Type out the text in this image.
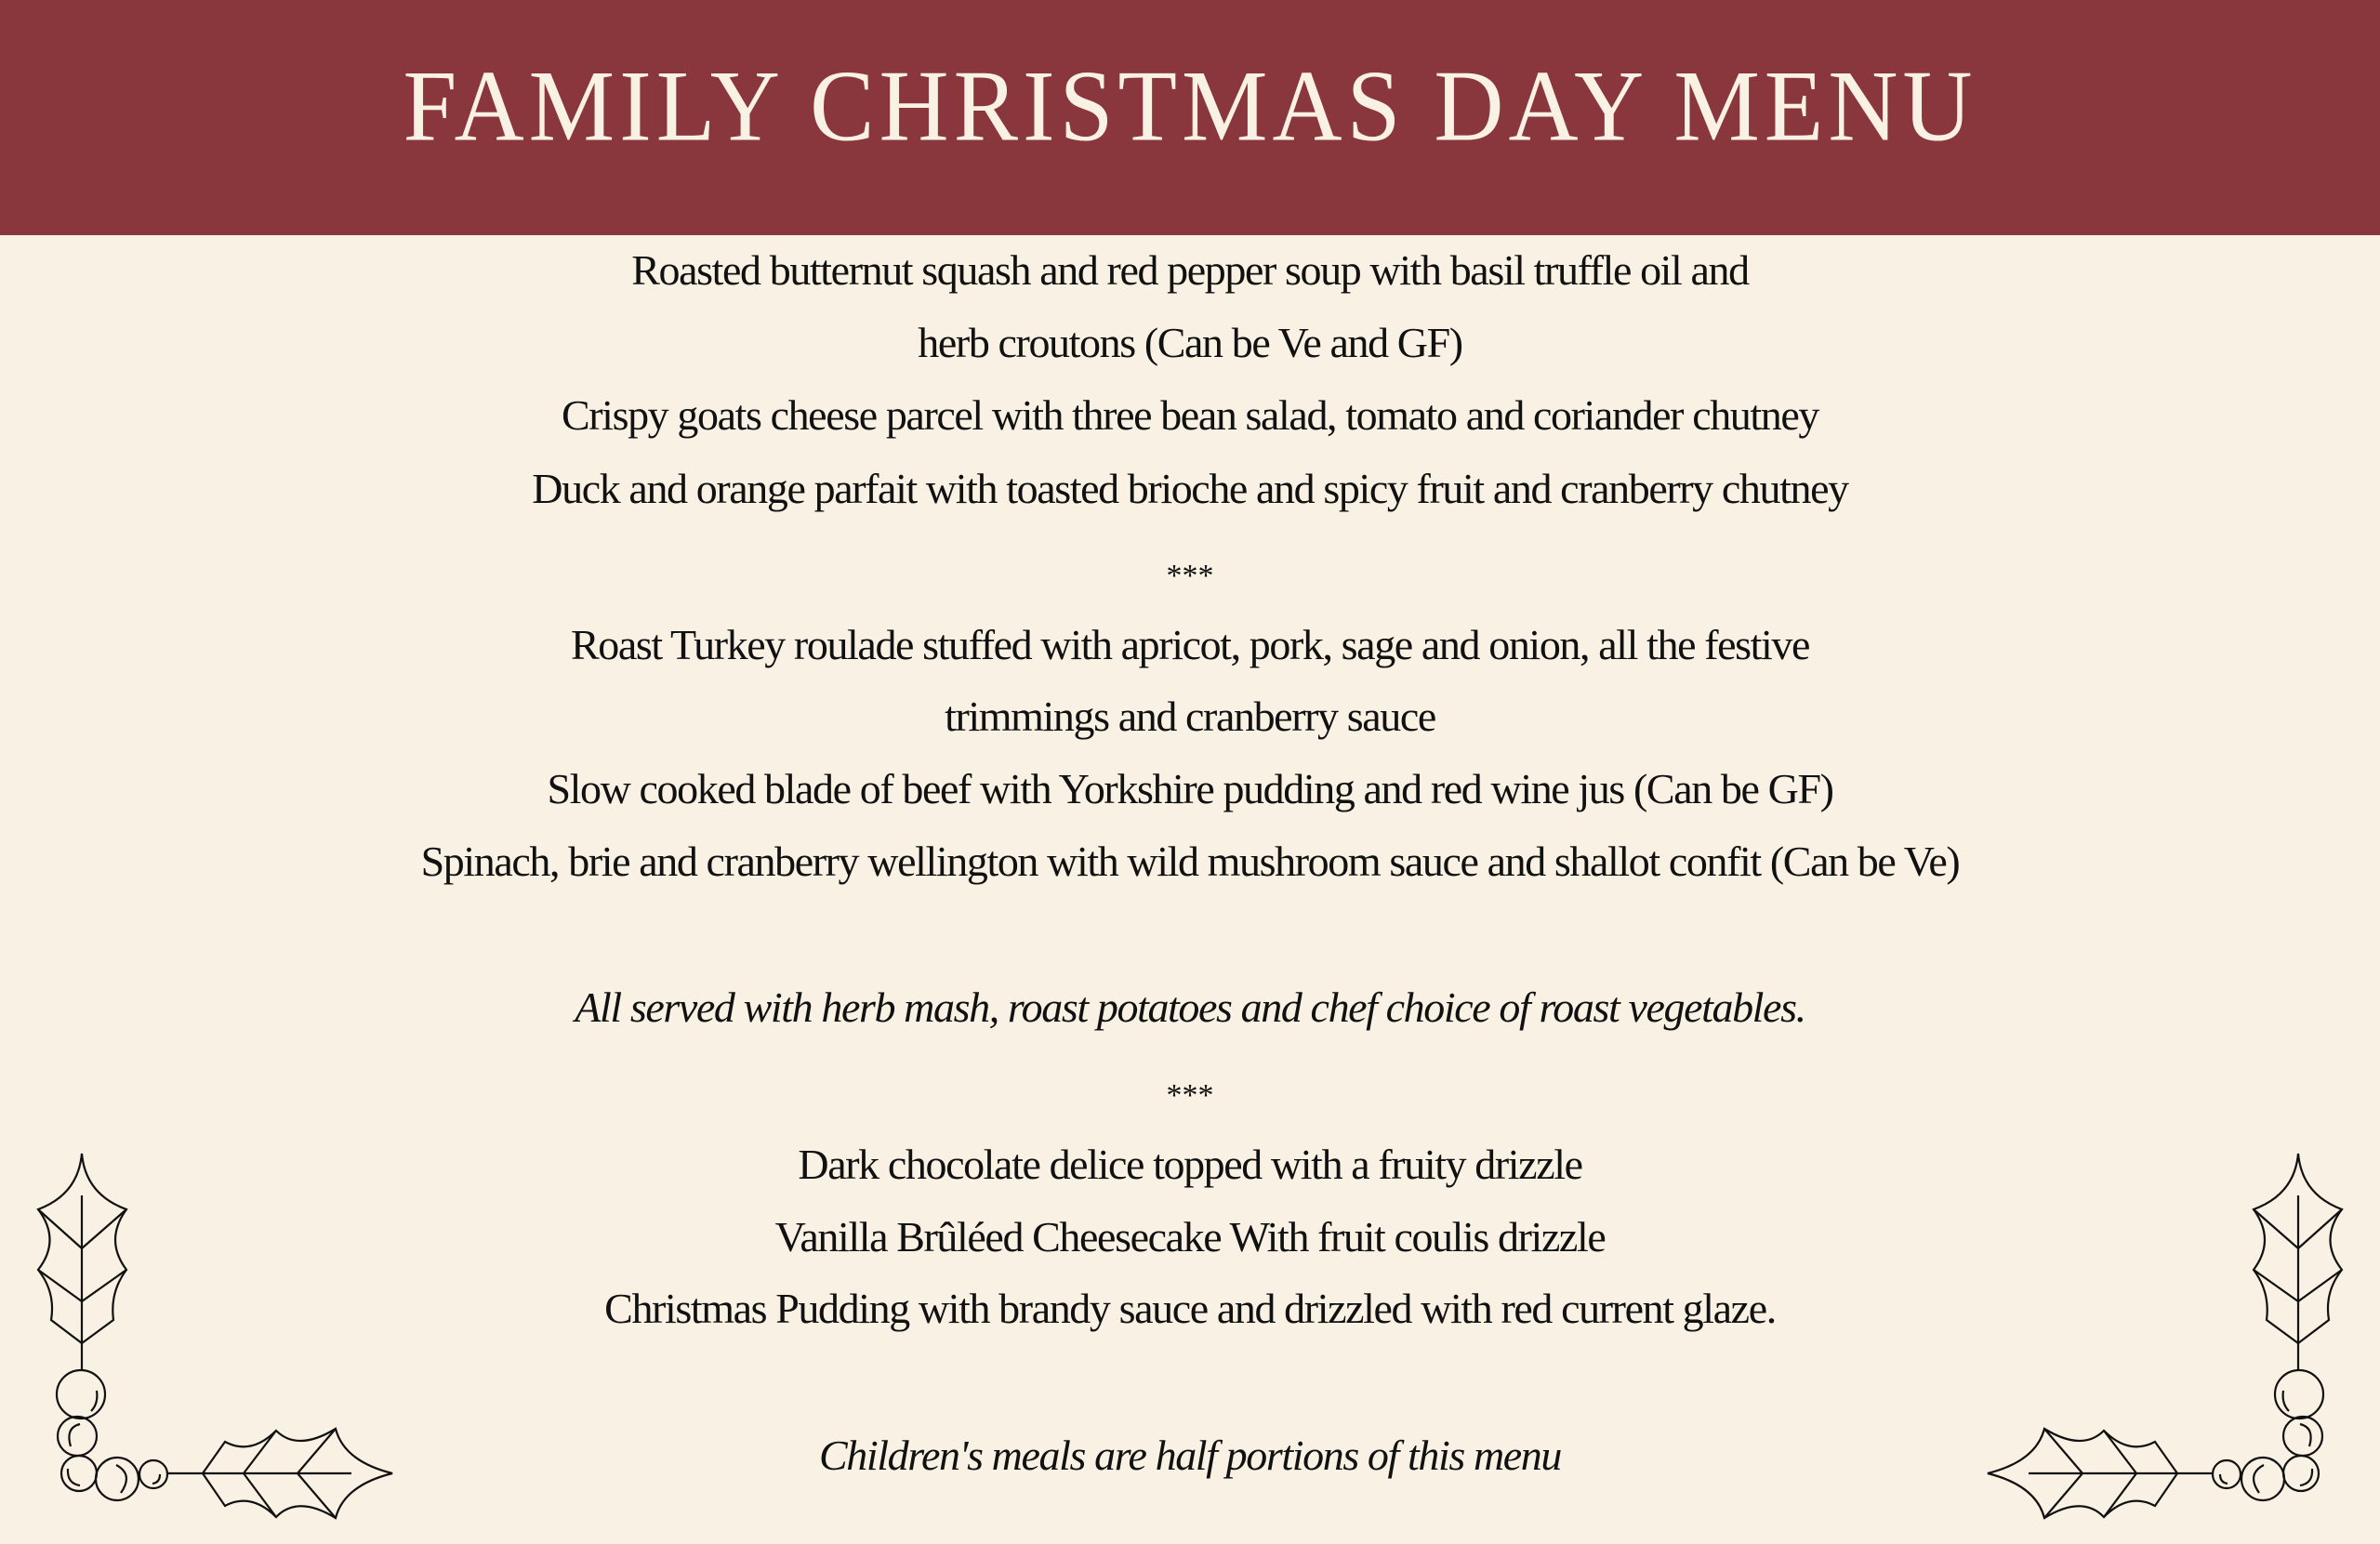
FAMILY CHRISTMAS DAY MENU
Roasted butternut squash and red pepper soup with basil truffle oil and
herb croutons (Can be Ve and GF)
Crispy goats cheese parcel with three bean salad, tomato and coriander chutney
Duck and orange parfait with toasted brioche and spicy fruit and cranberry chutney
***
Roast Turkey roulade stuffed with apricot, pork, sage and onion, all the festive
trimmings and cranberry sauce
Slow cooked blade of beef with Yorkshire pudding and red wine jus (Can be GF)
Spinach, brie and cranberry wellington with wild mushroom sauce and shallot confit (Can be Ve)
All served with herb mash, roast potatoes and chef choice of roast vegetables.
***
Dark chocolate delice topped with a fruity drizzle
Vanilla Brûléed Cheesecake With fruit coulis drizzle
Christmas Pudding with brandy sauce and drizzled with red current glaze.
Children's meals are half portions of this menu
